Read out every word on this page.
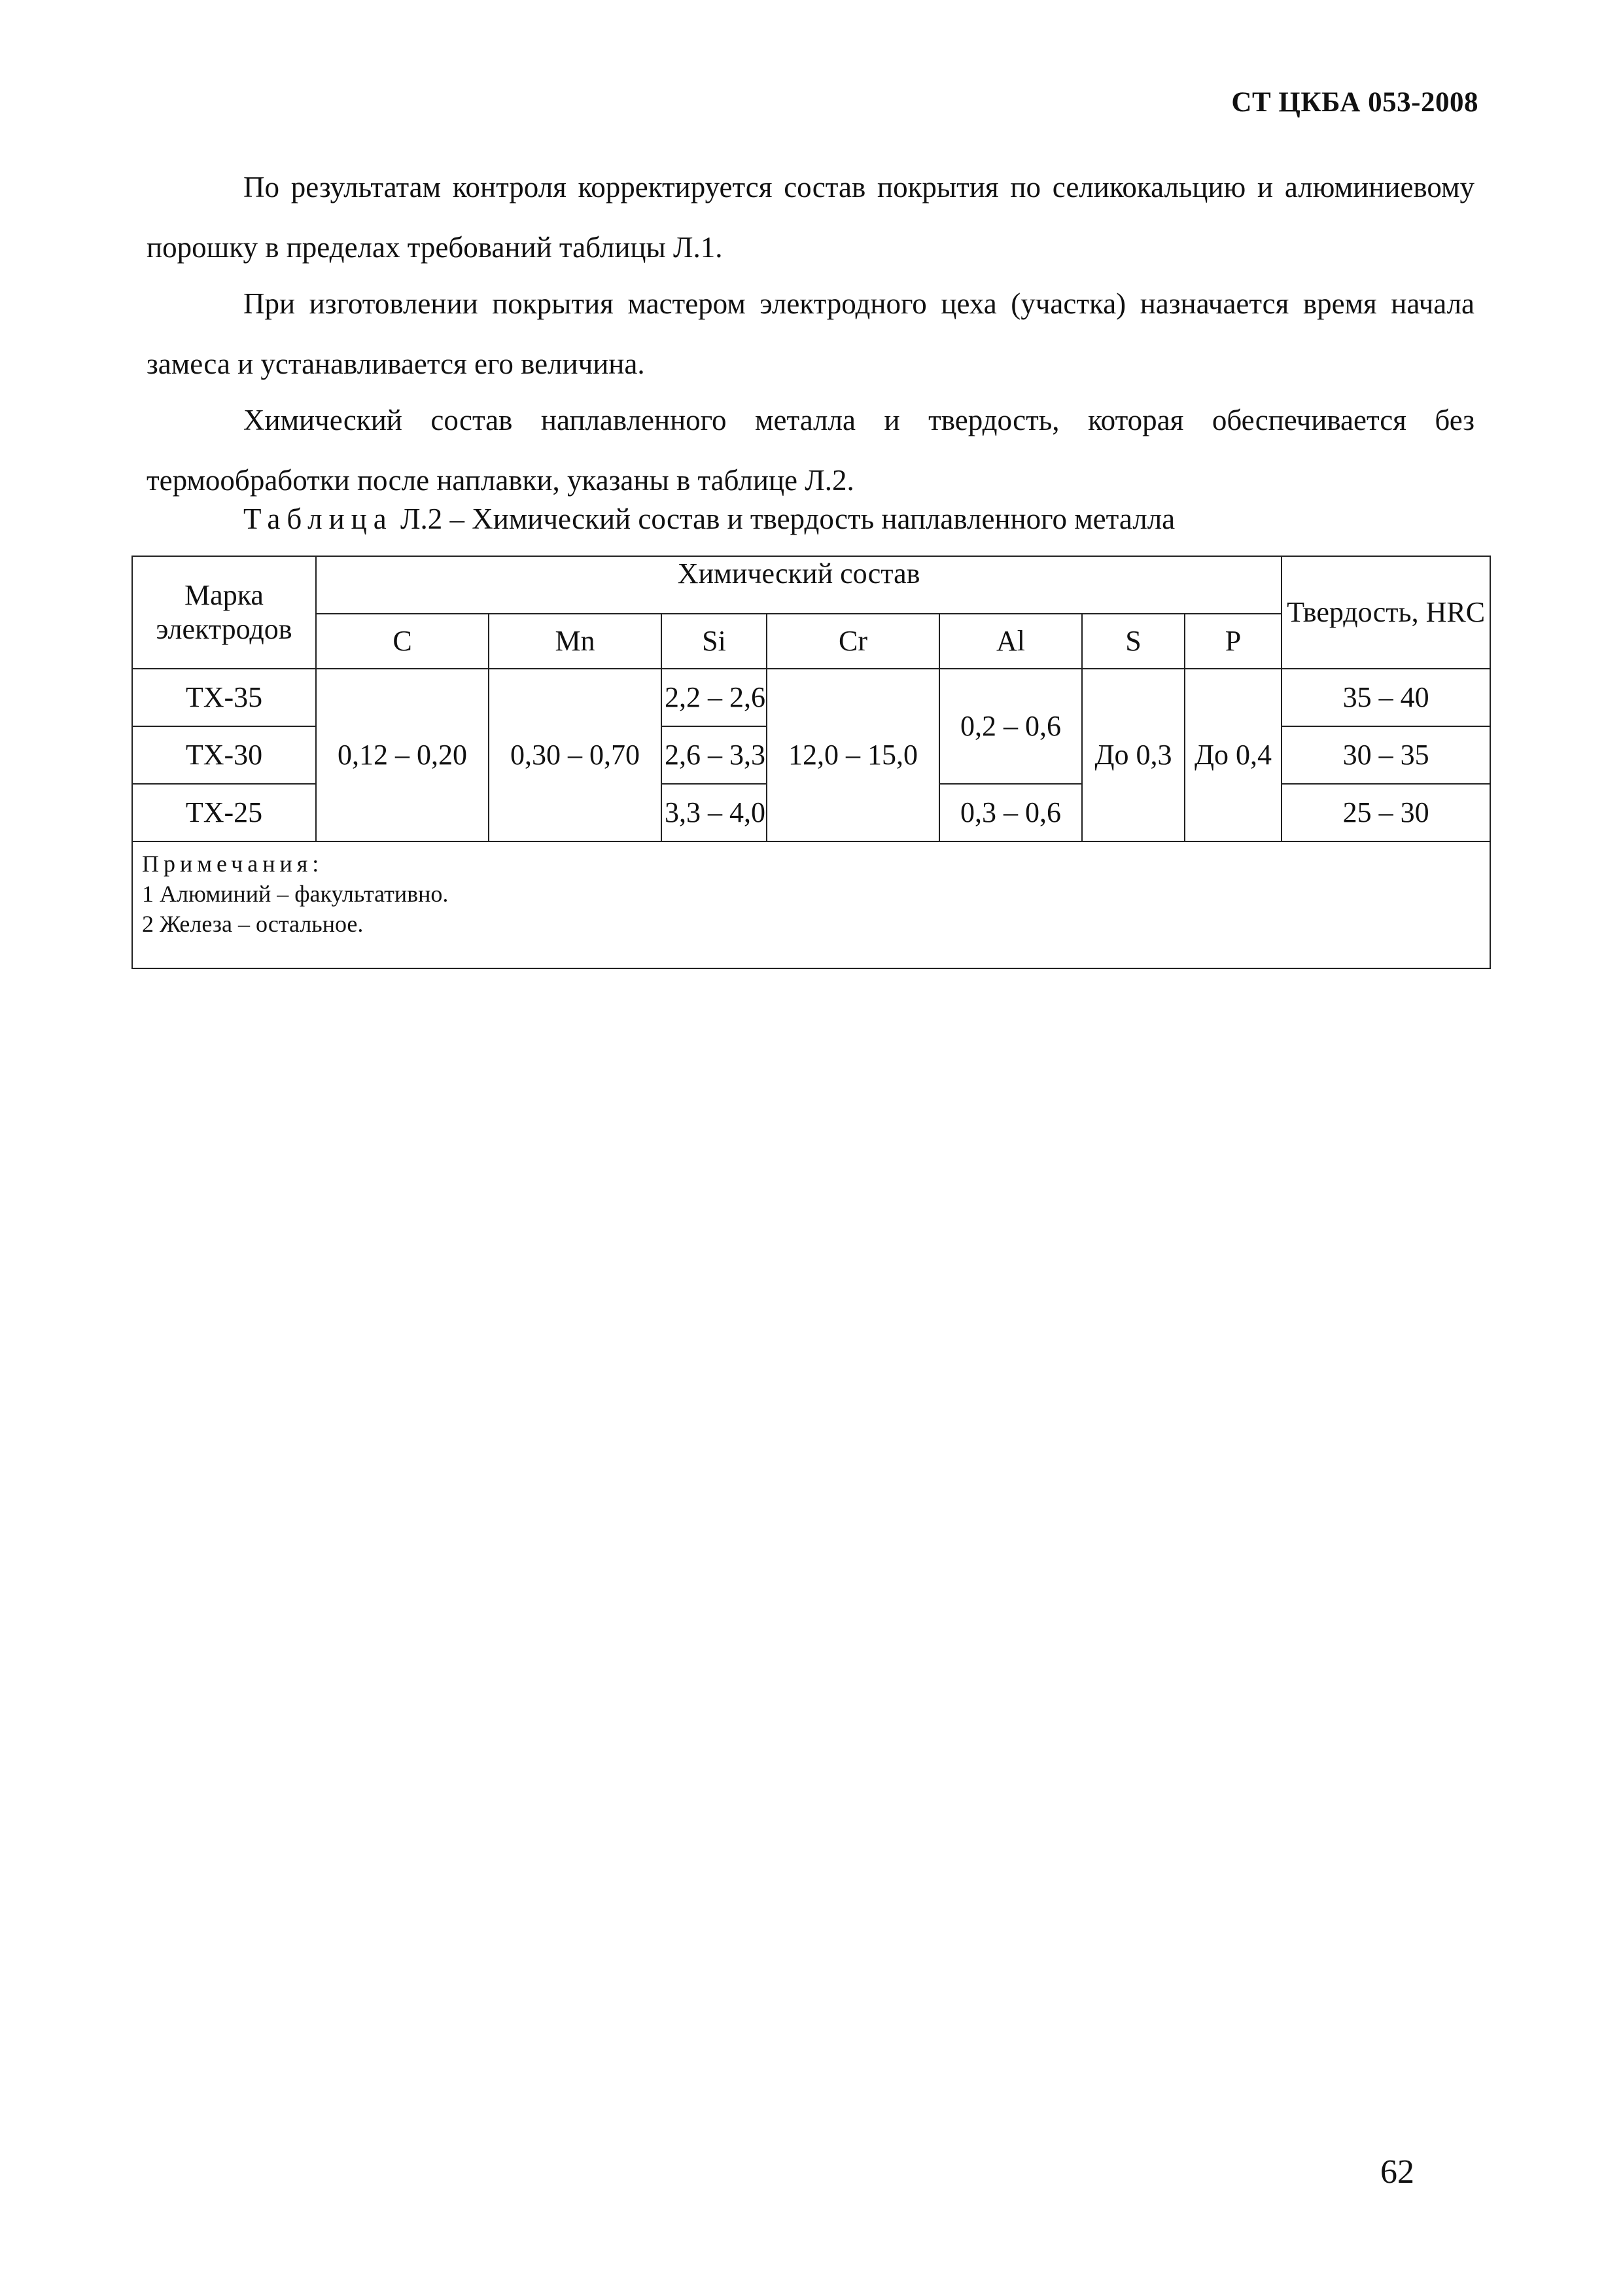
СТ ЦКБА 053-2008

По результатам контроля корректируется состав покрытия по селикокальцию и алюминиевому порошку в пределах требований таблицы Л.1.

При изготовлении покрытия мастером электродного цеха (участка) назначается время начала замеса и устанавливается его величина.

Химический состав наплавленного металла и твердость, которая обеспечивается без термообработки после наплавки, указаны в таблице Л.2.

Таблица Л.2 – Химический состав и твердость наплавленного металла
Марка электродов	Химический состав							Твердость, HRC
	C	Mn	Si	Cr	Al	S	P	
ТХ-35	0,12 – 0,20	0,30 – 0,70	2,2 – 2,6	12,0 – 15,0	0,2 – 0,6	До 0,3	До 0,4	35 – 40
ТХ-30			2,6 – 3,3					30 – 35
ТХ-25			3,3 – 4,0		0,3 – 0,6			25 – 30

Примечания:
1 Алюминий – факультативно.
2 Железа – остальное.								
62
